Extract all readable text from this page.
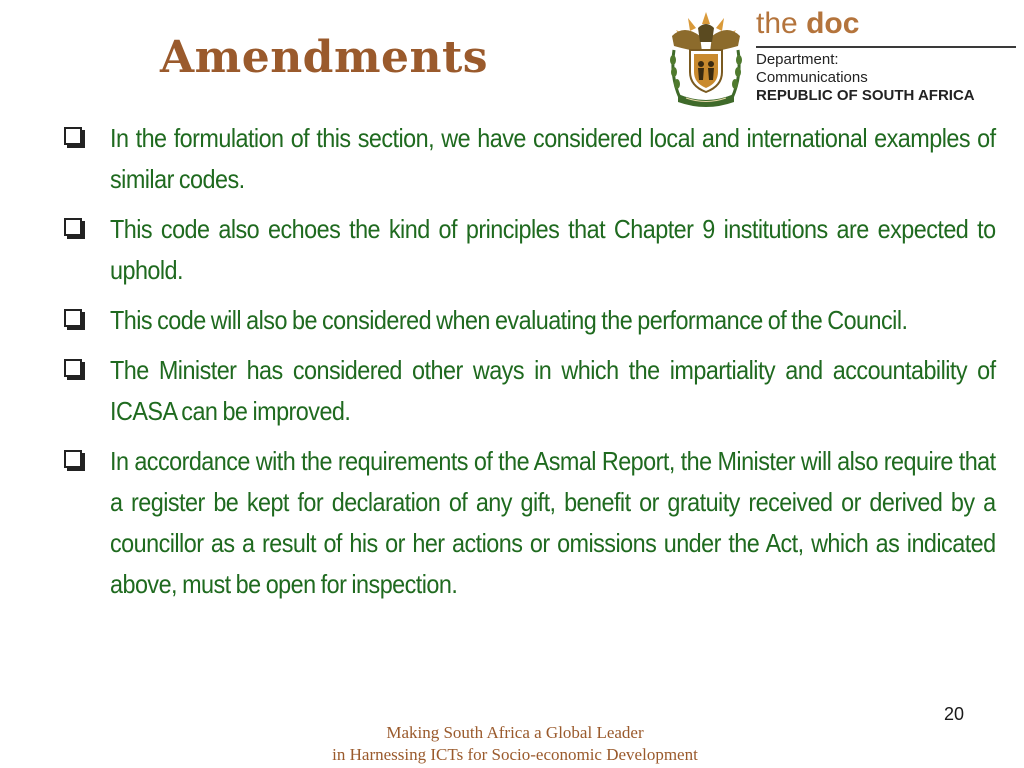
Amendments
the doc
Department:
Communications
REPUBLIC OF SOUTH AFRICA
In the formulation of this section, we have considered local and international examples of similar codes.
This code also echoes the kind of principles that Chapter 9 institutions are expected to uphold.
This code will also be considered when evaluating the performance of the Council.
The Minister has considered other ways in which the impartiality and accountability of ICASA can be improved.
In accordance with the requirements of the Asmal Report, the Minister will also require that a register be kept for declaration of any gift, benefit or gratuity received or derived by a councillor as a result of his or her actions or omissions under the Act, which as indicated above, must be open for inspection.
20
Making South Africa a Global Leader
in Harnessing ICTs for Socio-economic Development
